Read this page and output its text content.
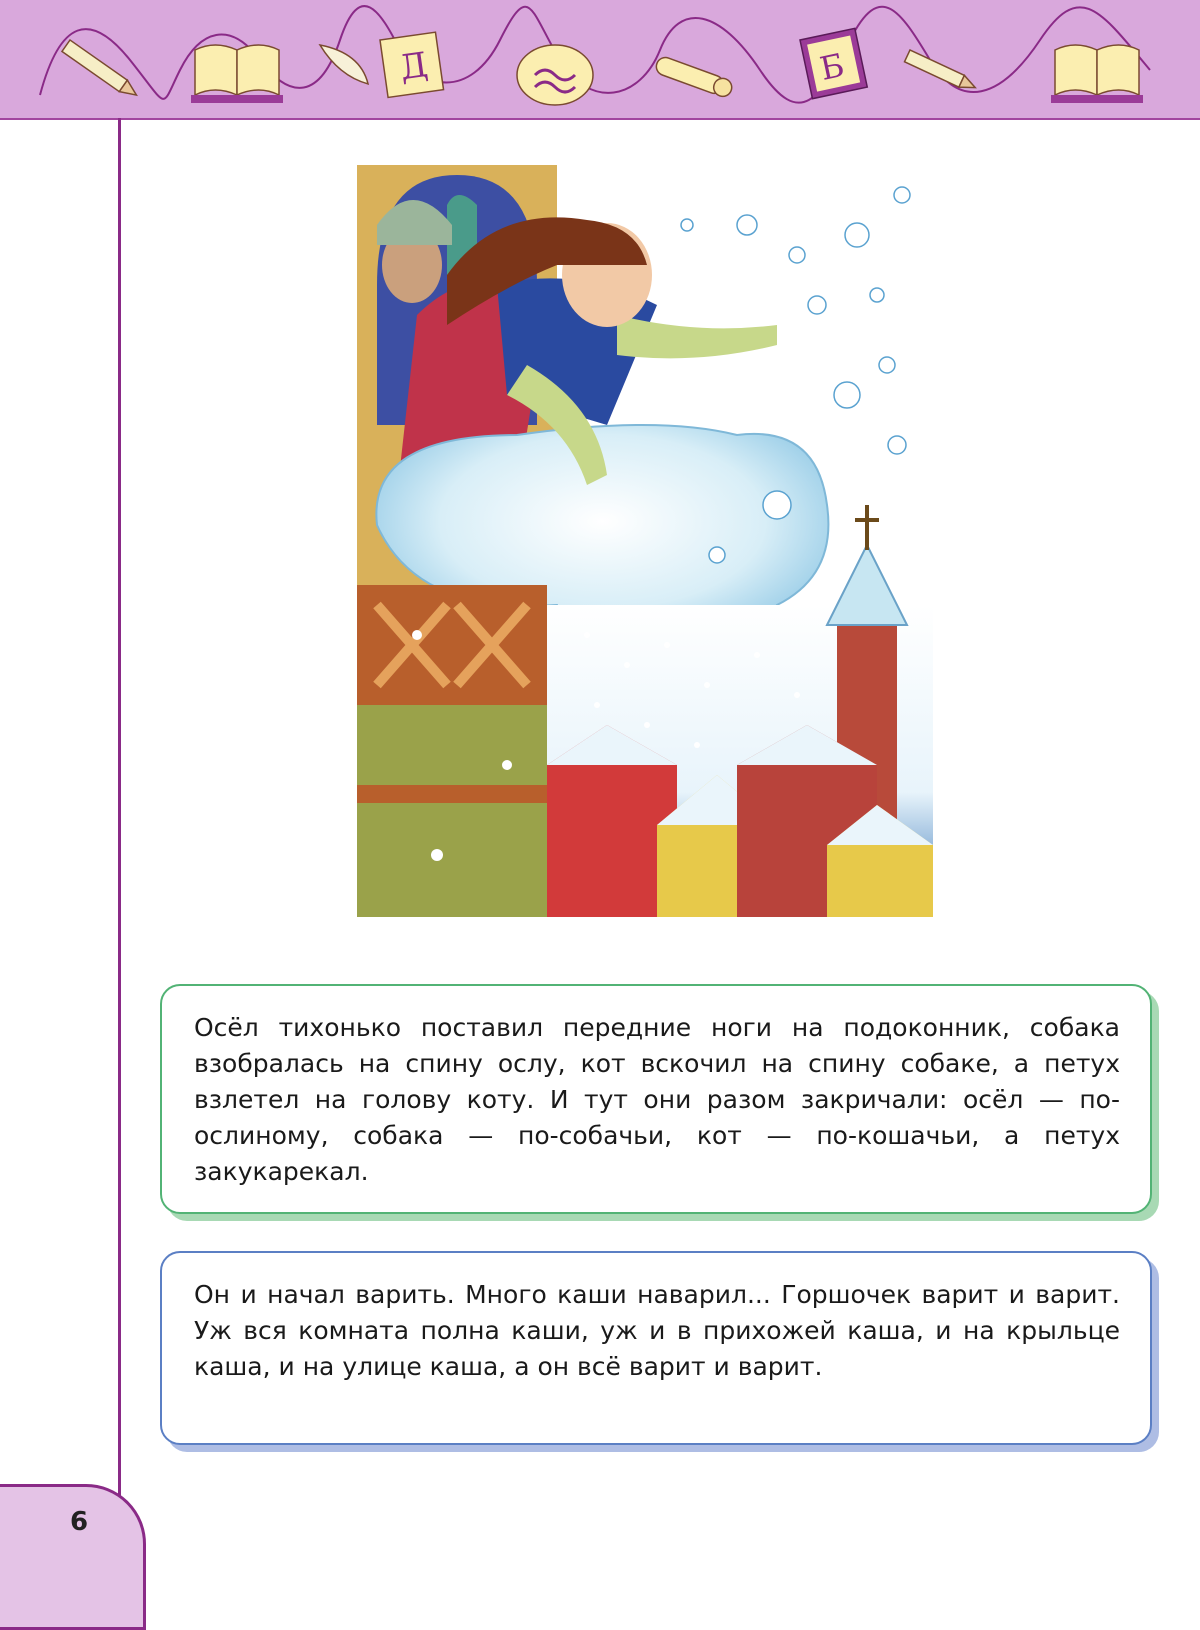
Д	Б

Осёл тихонько поставил передние ноги на подоконник, собака взобралась на спину ослу, кот вскочил на спину собаке, а петух взлетел на голову коту. И тут они разом закричали: осёл — по-ослиному, собака — по-собачьи, кот — по-кошачьи, а петух закукарекал.

Он и начал варить. Много каши наварил... Горшочек варит и варит. Уж вся комната полна каши, уж и в прихожей каша, и на крыльце каша, и на улице каша, а он всё варит и варит.

6
